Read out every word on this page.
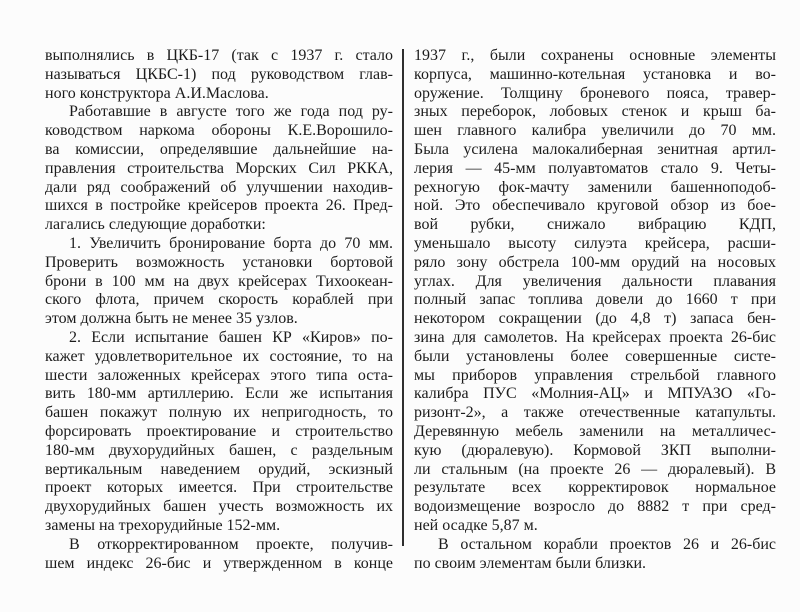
выполнялись в ЦКБ-17 (так с 1937 г. стало
называться ЦКБС-1) под руководством глав-
ного конструктора А.И.Маслова.
Работавшие в августе того же года под ру-
ководством наркома обороны К.Е.Ворошило-
ва комиссии, определявшие дальнейшие на-
правления строительства Морских Сил РККА,
дали ряд соображений об улучшении находив-
шихся в постройке крейсеров проекта 26. Пред-
лагались следующие доработки:
1. Увеличить бронирование борта до 70 мм.
Проверить возможность установки бортовой
брони в 100 мм на двух крейсерах Тихоокеан-
ского флота, причем скорость кораблей при
этом должна быть не менее 35 узлов.
2. Если испытание башен КР «Киров» по-
кажет удовлетворительное их состояние, то на
шести заложенных крейсерах этого типа оста-
вить 180-мм артиллерию. Если же испытания
башен покажут полную их непригодность, то
форсировать проектирование и строительство
180-мм двухорудийных башен, с раздельным
вертикальным наведением орудий, эскизный
проект которых имеется. При строительстве
двухорудийных башен учесть возможность их
замены на трехорудийные 152-мм.
В откорректированном проекте, получив-
шем индекс 26-бис и утвержденном в конце
1937 г., были сохранены основные элементы
корпуса, машинно-котельная установка и во-
оружение. Толщину броневого пояса, травер-
зных переборок, лобовых стенок и крыш ба-
шен главного калибра увеличили до 70 мм.
Была усилена малокалиберная зенитная артил-
лерия — 45-мм полуавтоматов стало 9. Четы-
рехногую фок-мачту заменили башенноподоб-
ной. Это обеспечивало круговой обзор из бое-
вой рубки, снижало вибрацию КДП,
уменьшало высоту силуэта крейсера, расши-
ряло зону обстрела 100-мм орудий на носовых
углах. Для увеличения дальности плавания
полный запас топлива довели до 1660 т при
некотором сокращении (до 4,8 т) запаса бен-
зина для самолетов. На крейсерах проекта 26-бис
были установлены более совершенные систе-
мы приборов управления стрельбой главного
калибра ПУС «Молния-АЦ» и МПУАЗО «Го-
ризонт-2», а также отечественные катапульты.
Деревянную мебель заменили на металличес-
кую (дюралевую). Кормовой ЗКП выполни-
ли стальным (на проекте 26 — дюралевый). В
результате всех корректировок нормальное
водоизмещение возросло до 8882 т при сред-
ней осадке 5,87 м.
В остальном корабли проектов 26 и 26-бис
по своим элементам были близки.
